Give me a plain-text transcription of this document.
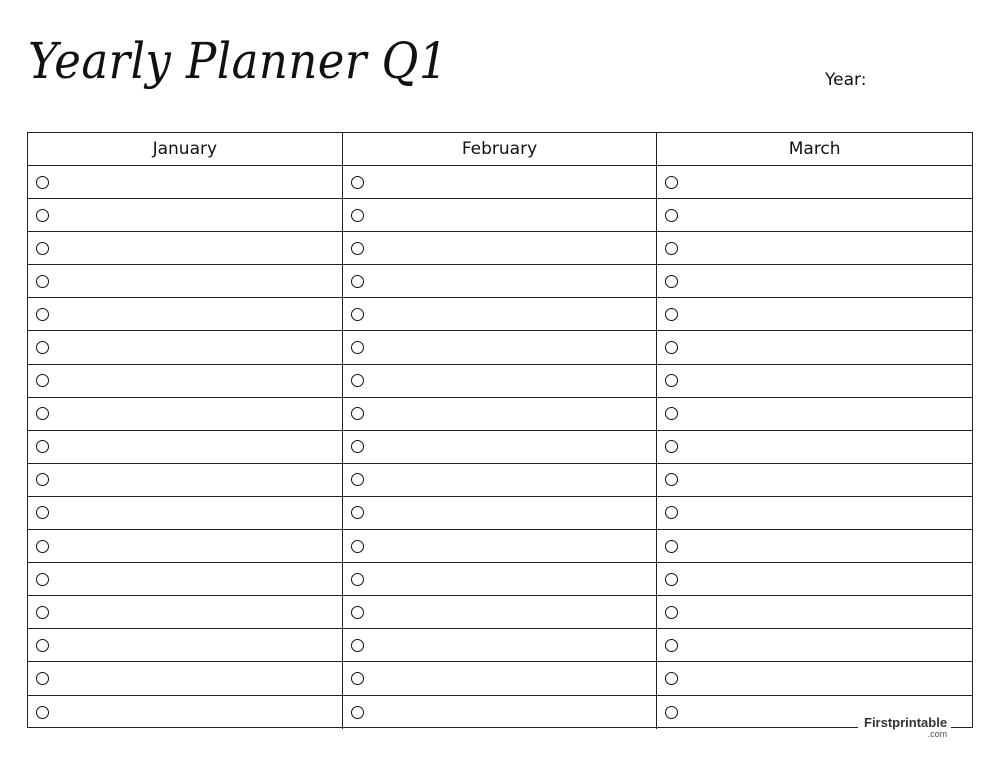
Yearly Planner Q1	Year:
January	February	March
Firstprintable
.com
